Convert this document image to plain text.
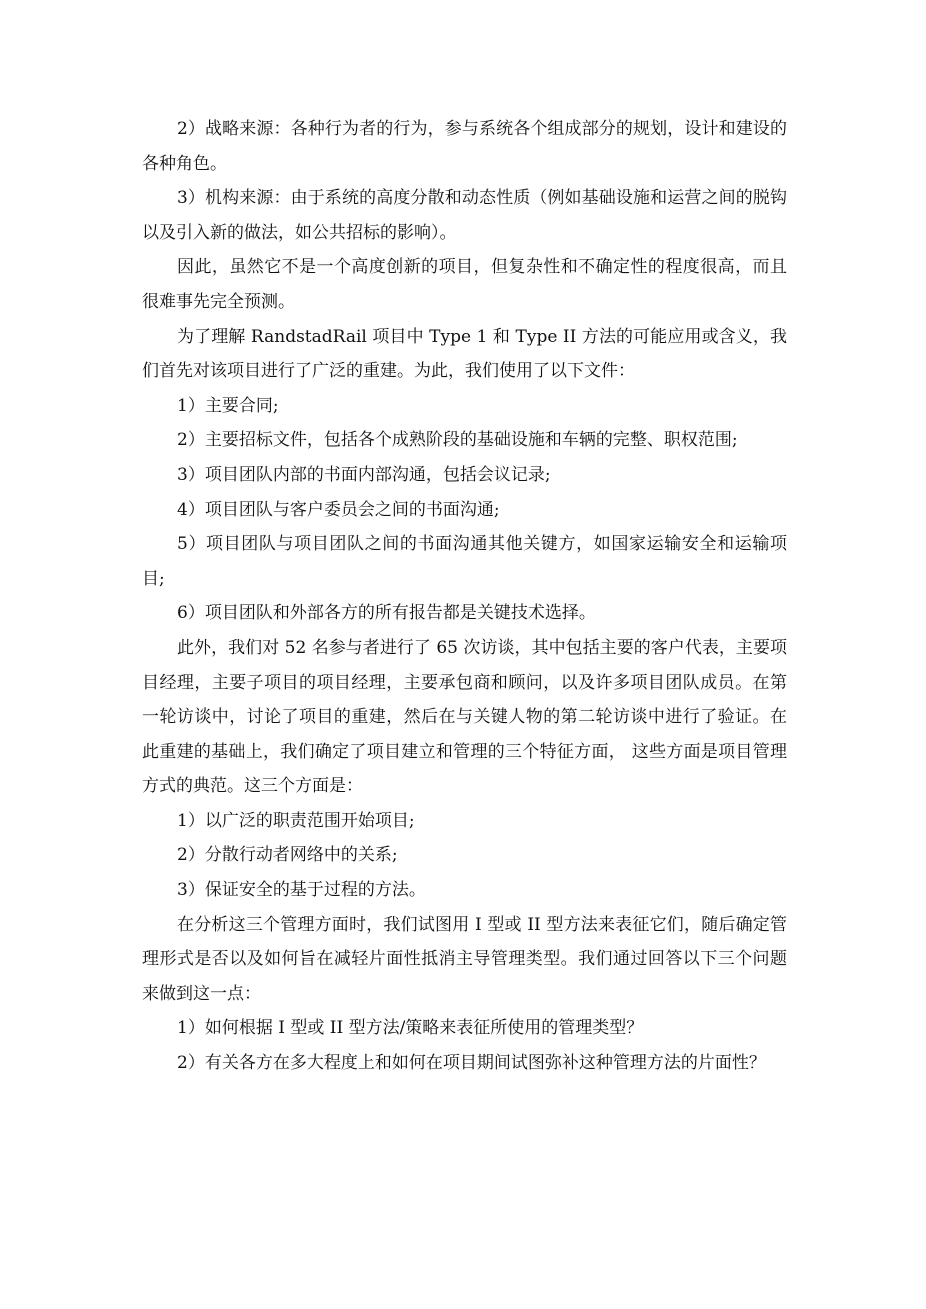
2）战略来源：各种行为者的行为，参与系统各个组成部分的规划，设计和建设的各种角色。

3）机构来源：由于系统的高度分散和动态性质（例如基础设施和运营之间的脱钩以及引入新的做法，如公共招标的影响）。

因此，虽然它不是一个高度创新的项目，但复杂性和不确定性的程度很高，而且很难事先完全预测。

为了理解 RandstadRail 项目中 Type 1 和 Type II 方法的可能应用或含义，我们首先对该项目进行了广泛的重建。为此，我们使用了以下文件：

1）主要合同;

2）主要招标文件，包括各个成熟阶段的基础设施和车辆的完整、职权范围;

3）项目团队内部的书面内部沟通，包括会议记录;

4）项目团队与客户委员会之间的书面沟通;

5）项目团队与项目团队之间的书面沟通其他关键方，如国家运输安全和运输项目;

6）项目团队和外部各方的所有报告都是关键技术选择。

此外，我们对 52 名参与者进行了 65 次访谈，其中包括主要的客户代表，主要项目经理，主要子项目的项目经理，主要承包商和顾问，以及许多项目团队成员。在第一轮访谈中，讨论了项目的重建，然后在与关键人物的第二轮访谈中进行了验证。在此重建的基础上，我们确定了项目建立和管理的三个特征方面， 这些方面是项目管理方式的典范。这三个方面是：

1）以广泛的职责范围开始项目;

2）分散行动者网络中的关系;

3）保证安全的基于过程的方法。

在分析这三个管理方面时，我们试图用 I 型或 II 型方法来表征它们，随后确定管理形式是否以及如何旨在减轻片面性抵消主导管理类型。我们通过回答以下三个问题来做到这一点：

1）如何根据 I 型或 II 型方法/策略来表征所使用的管理类型？

2）有关各方在多大程度上和如何在项目期间试图弥补这种管理方法的片面性？
